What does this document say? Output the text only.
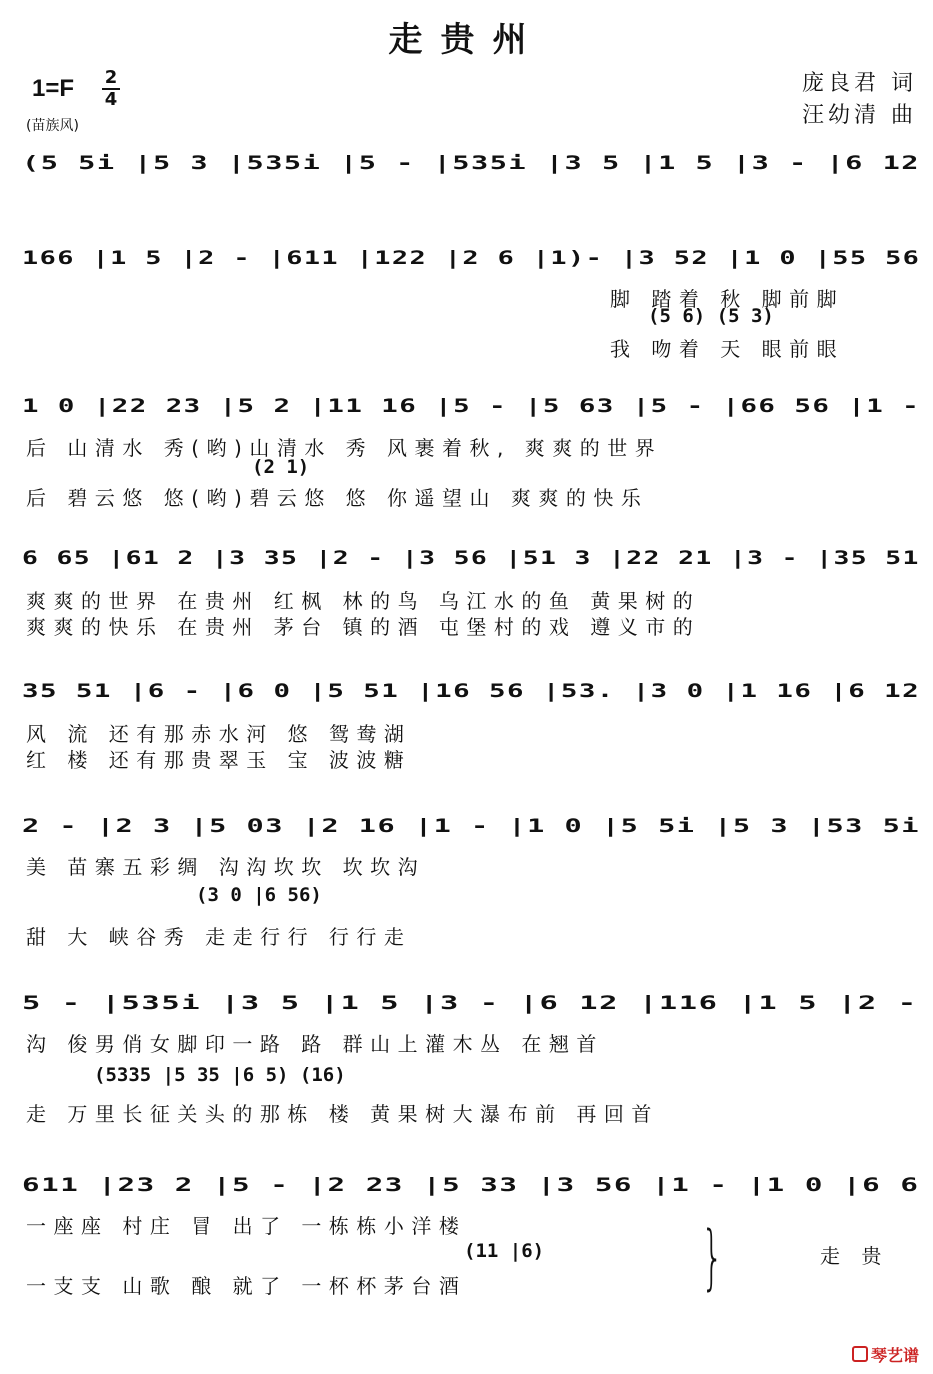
走贵州
$1=F \frac{2}{4}$
(苗族风)
庞良君 词
汪幼清 曲
(5 5i |5 3 |535i |5 - |535i |3 5 |1 5 |3 - |6 12
166 |1 5 |2 - |611 |122 |2 6 |1)- |3 52 |1 0 |55 56
脚 踏着 秋 脚前脚
(5 6) (5 3)
我 吻着 天 眼前眼
1 0 |22 23 |5 2 |11 16 |5 - |5 63 |5 - |66 56 |1 -
后 山清水 秀(哟)山清水 秀 风裹着秋, 爽爽的世界
(2 1)
后 碧云悠 悠(哟)碧云悠 悠 你遥望山 爽爽的快乐
6 65 |61 2 |3 35 |2 - |3 56 |51 3 |22 21 |3 - |35 51
爽爽的世界 在贵州 红枫 林的鸟 乌江水的鱼 黄果树的
爽爽的快乐 在贵州 茅台 镇的酒 屯堡村的戏 遵义市的
35 51 |6 - |6 0 |5 51 |16 56 |53. |3 0 |1 16 |6 12
风 流 还有那赤水河 悠 鸳鸯湖
红 楼 还有那贵翠玉 宝 波波糖
2 - |2 3 |5 03 |2 16 |1 - |1 0 |5 5i |5 3 |53 5i
美 苗寨五彩绸 沟沟坎坎 坎坎沟
(3 0 |6 56)
甜 大 峡谷秀 走走行行 行行走
5 - |535i |3 5 |1 5 |3 - |6 12 |116 |1 5 |2 -
沟 俊男俏女脚印一路 路 群山上灌木丛 在翘首
(5335 |5 35 |6 5) (16)
走 万里长征关头的那栋 楼 黄果树大瀑布前 再回首
611 |23 2 |5 - |2 23 |5 33 |3 56 |1 - |1 0 |6 6
一座座 村庄 冒 出了 一栋栋小洋楼
(11 |6)
一支支 山歌 酿 就了 一杯杯茅台酒	}	走 贵
琴艺谱
